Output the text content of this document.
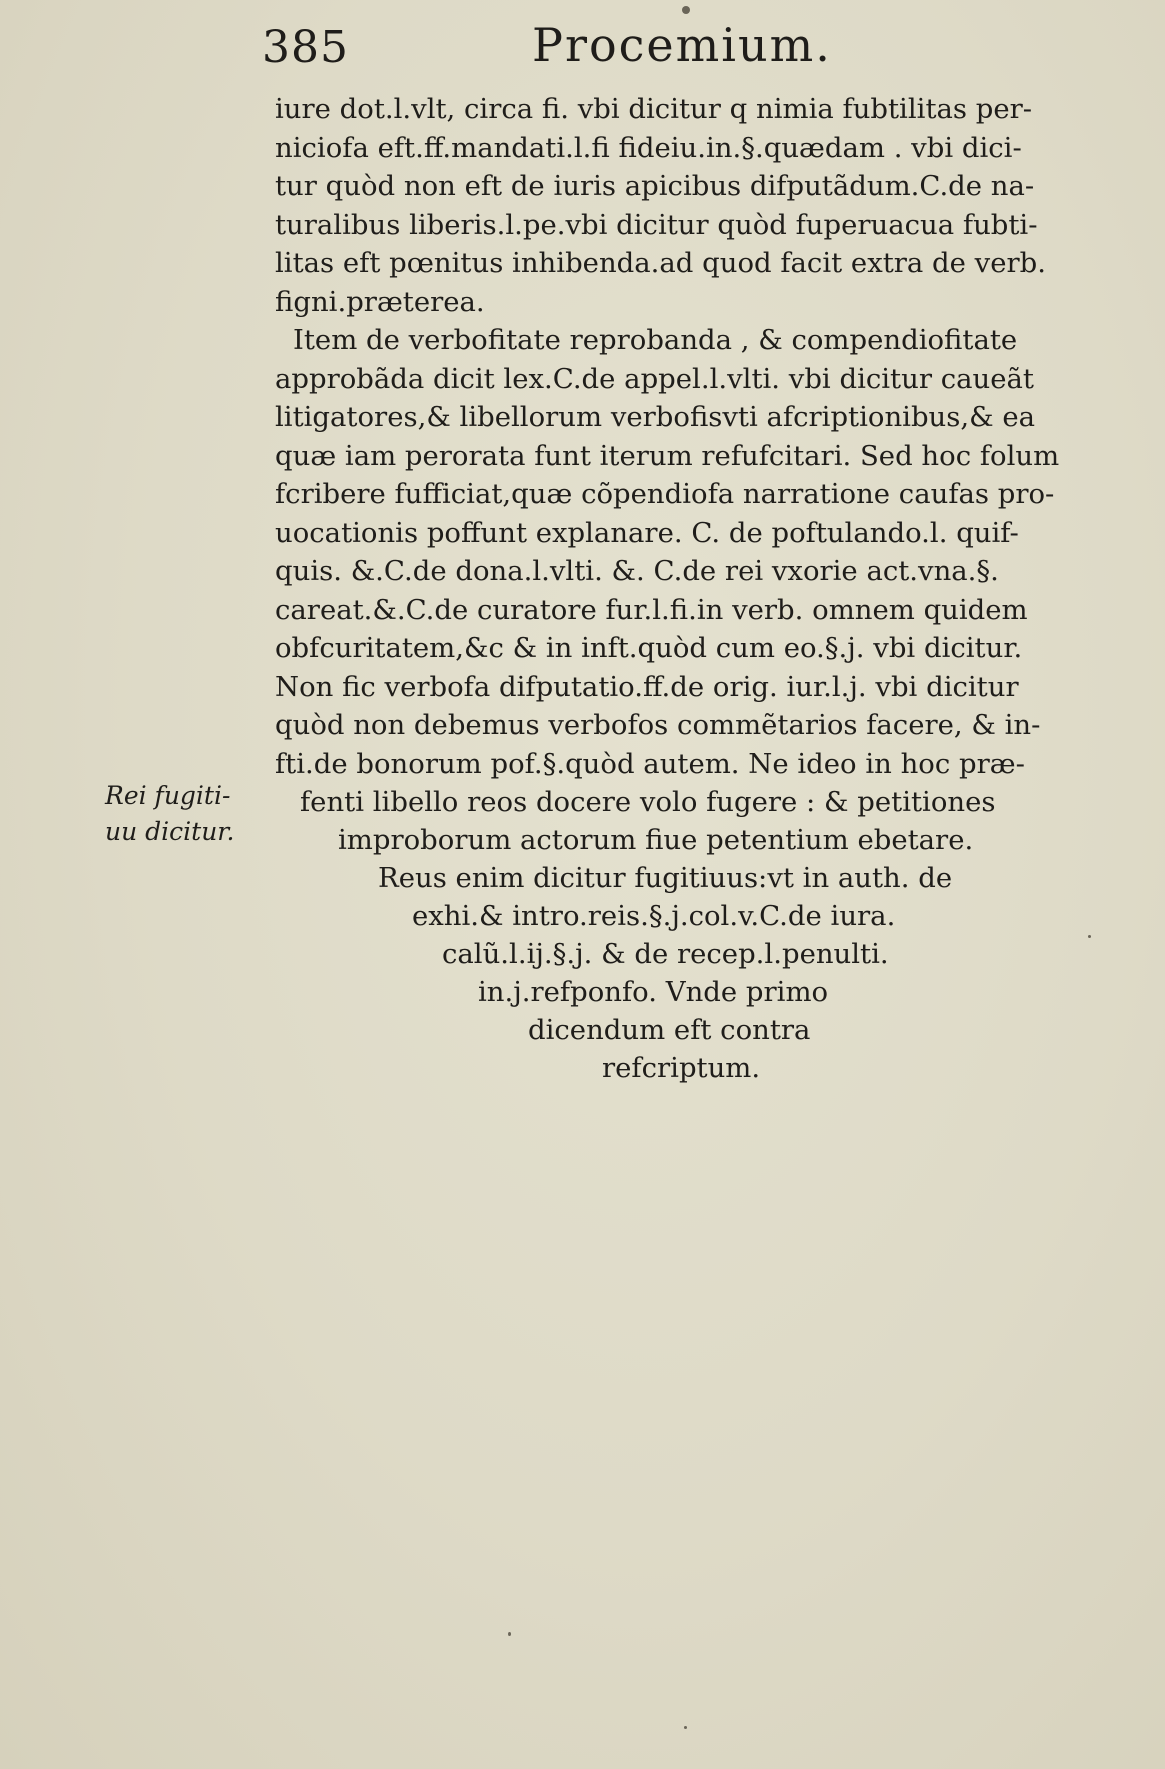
385	Procemium.
iure dot.l.vlt, circa fi. vbi dicitur q nimia fubtilitas per-
niciofa eft.ff.mandati.l.fi fideiu.in.§.quædam . vbi dici-
tur quòd non eft de iuris apicibus difputãdum.C.de na-
turalibus liberis.l.pe.vbi dicitur quòd fuperuacua fubti-
litas eft pœnitus inhibenda.ad quod facit extra de verb.
figni.præterea.
Item de verbofitate reprobanda , & compendiofitate
approbãda dicit lex.C.de appel.l.vlti. vbi dicitur caueãt
litigatores,& libellorum verbofisvti afcriptionibus,& ea
quæ iam perorata funt iterum refufcitari. Sed hoc folum
fcribere fufficiat,quæ cõpendiofa narratione caufas pro-
uocationis poffunt explanare. C. de poftulando.l. quif-
quis. &.C.de dona.l.vlti. &. C.de rei vxorie act.vna.§.
careat.&.C.de curatore fur.l.fi.in verb. omnem quidem
obfcuritatem,&c & in inft.quòd cum eo.§.j. vbi dicitur.
Non fic verbofa difputatio.ff.de orig. iur.l.j. vbi dicitur
quòd non debemus verbofos commẽtarios facere, & in-
fti.de bonorum pof.§.quòd autem. Ne ideo in hoc præ-
fenti libello reos docere volo fugere : & petitiones
improborum actorum fiue petentium ebetare.
Reus enim dicitur fugitiuus:vt in auth. de
exhi.& intro.reis.§.j.col.v.C.de iura.
calũ.l.ij.§.j. & de recep.l.penulti.
in.j.refponfo. Vnde primo
dicendum eft contra
refcriptum.
Rei fugiti-
uu dicitur.
